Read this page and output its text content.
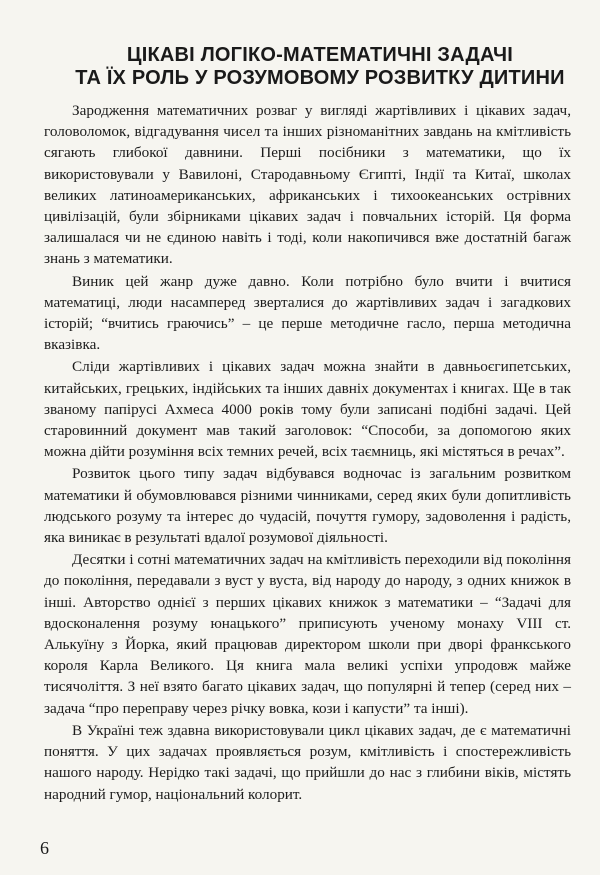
ЦІКАВІ ЛОГІКО-МАТЕМАТИЧНІ ЗАДАЧІ
ТА ЇХ РОЛЬ У РОЗУМОВОМУ РОЗВИТКУ ДИТИНИ

Зародження математичних розваг у вигляді жартівливих і цікавих задач, головоломок, відгадування чисел та інших різноманітних завдань на кмітливість сягають глибокої давнини. Перші посібники з математики, що їх використовували у Вавилоні, Стародавньому Єгипті, Індії та Китаї, школах великих латиноамериканських, африканських і тихоокеанських острівних цивілізацій, були збірниками цікавих задач і повчальних історій. Ця форма залишалася чи не єдиною навіть і тоді, коли накопичився вже достатній багаж знань з математики.

Виник цей жанр дуже давно. Коли потрібно було вчити і вчитися математиці, люди насамперед зверталися до жартівливих задач і загадкових історій; “вчитись граючись” – це перше методичне гасло, перша методична вказівка.

Сліди жартівливих і цікавих задач можна знайти в давньоєгипетських, китайських, грецьких, індійських та інших давніх документах і книгах. Ще в так званому папірусі Ахмеса 4000 років тому були записані подібні задачі. Цей старовинний документ мав такий заголовок: “Способи, за допомогою яких можна дійти розуміння всіх темних речей, всіх таємниць, які містяться в речах”.

Розвиток цього типу задач відбувався водночас із загальним розвитком математики й обумовлювався різними чинниками, серед яких були допитливість людського розуму та інтерес до чудасій, почуття гумору, задоволення і радість, яка виникає в результаті вдалої розумової діяльності.

Десятки і сотні математичних задач на кмітливість переходили від покоління до покоління, передавали з вуст у вуста, від народу до народу, з одних книжок в інші. Авторство однієї з перших цікавих книжок з математики – “Задачі для вдосконалення розуму юнацького” приписують ученому монаху VIII ст. Алькуїну з Йорка, який працював директором школи при дворі франкського короля Карла Великого. Ця книга мала великі успіхи упродовж майже тисячоліття. З неї взято багато цікавих задач, що популярні й тепер (серед них – задача “про переправу через річку вовка, кози і капусти” та інші).

В Україні теж здавна використовували цикл цікавих задач, де є математичні поняття. У цих задачах проявляється розум, кмітливість і спостережливість нашого народу. Нерідко такі задачі, що прийшли до нас з глибини віків, містять народний гумор, національний колорит.

6
